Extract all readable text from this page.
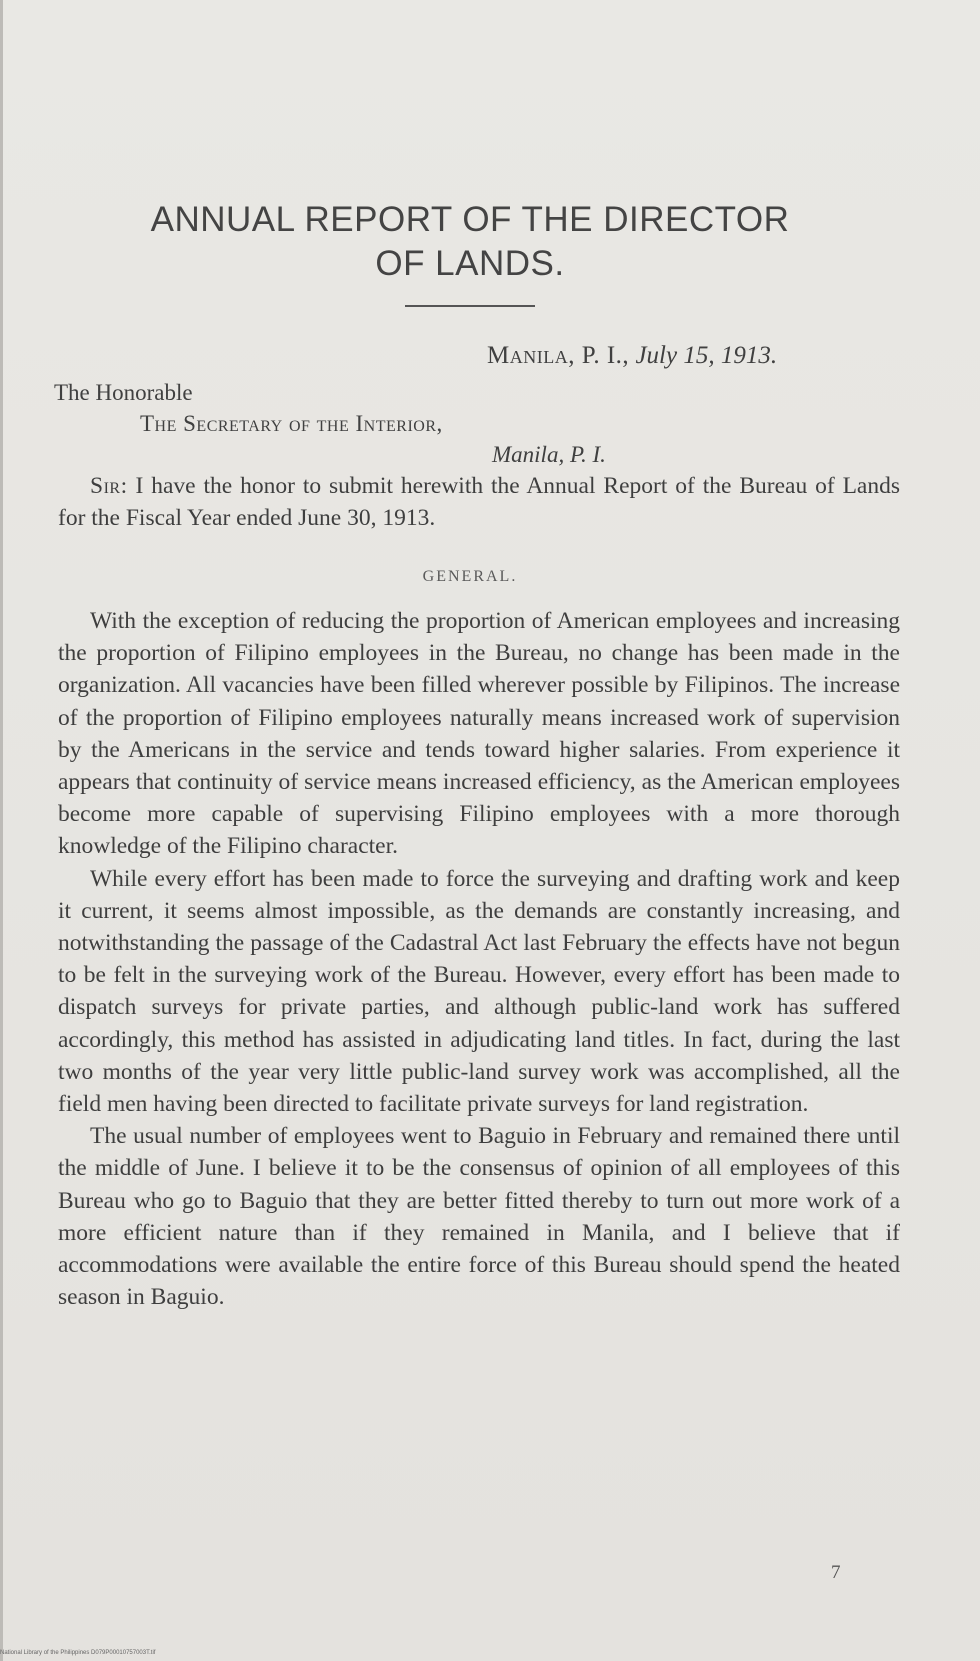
ANNUAL REPORT OF THE DIRECTOR
OF LANDS.
Manila, P. I., July 15, 1913.
The Honorable
The Secretary of the Interior,
Manila, P. I.

Sir: I have the honor to submit herewith the Annual Report of the Bureau of Lands for the Fiscal Year ended June 30, 1913.

GENERAL.

With the exception of reducing the proportion of American employees and increasing the proportion of Filipino employees in the Bureau, no change has been made in the organization. All vacancies have been filled wherever possible by Filipinos. The increase of the proportion of Filipino employees naturally means increased work of supervision by the Americans in the service and tends toward higher salaries. From experience it appears that continuity of service means increased efficiency, as the American employees become more capable of supervising Filipino employees with a more thorough knowledge of the Filipino character.

While every effort has been made to force the surveying and drafting work and keep it current, it seems almost impossible, as the demands are constantly increasing, and notwithstanding the passage of the Cadastral Act last February the effects have not begun to be felt in the surveying work of the Bureau. However, every effort has been made to dispatch surveys for private parties, and although public-land work has suffered accordingly, this method has assisted in adjudicating land titles. In fact, during the last two months of the year very little public-land survey work was accomplished, all the field men having been directed to facilitate private surveys for land registration.

The usual number of employees went to Baguio in February and remained there until the middle of June. I believe it to be the consensus of opinion of all employees of this Bureau who go to Baguio that they are better fitted thereby to turn out more work of a more efficient nature than if they remained in Manila, and I believe that if accommodations were available the entire force of this Bureau should spend the heated season in Baguio.

7
National Library of the Philippines D079P00010757003T.tif
